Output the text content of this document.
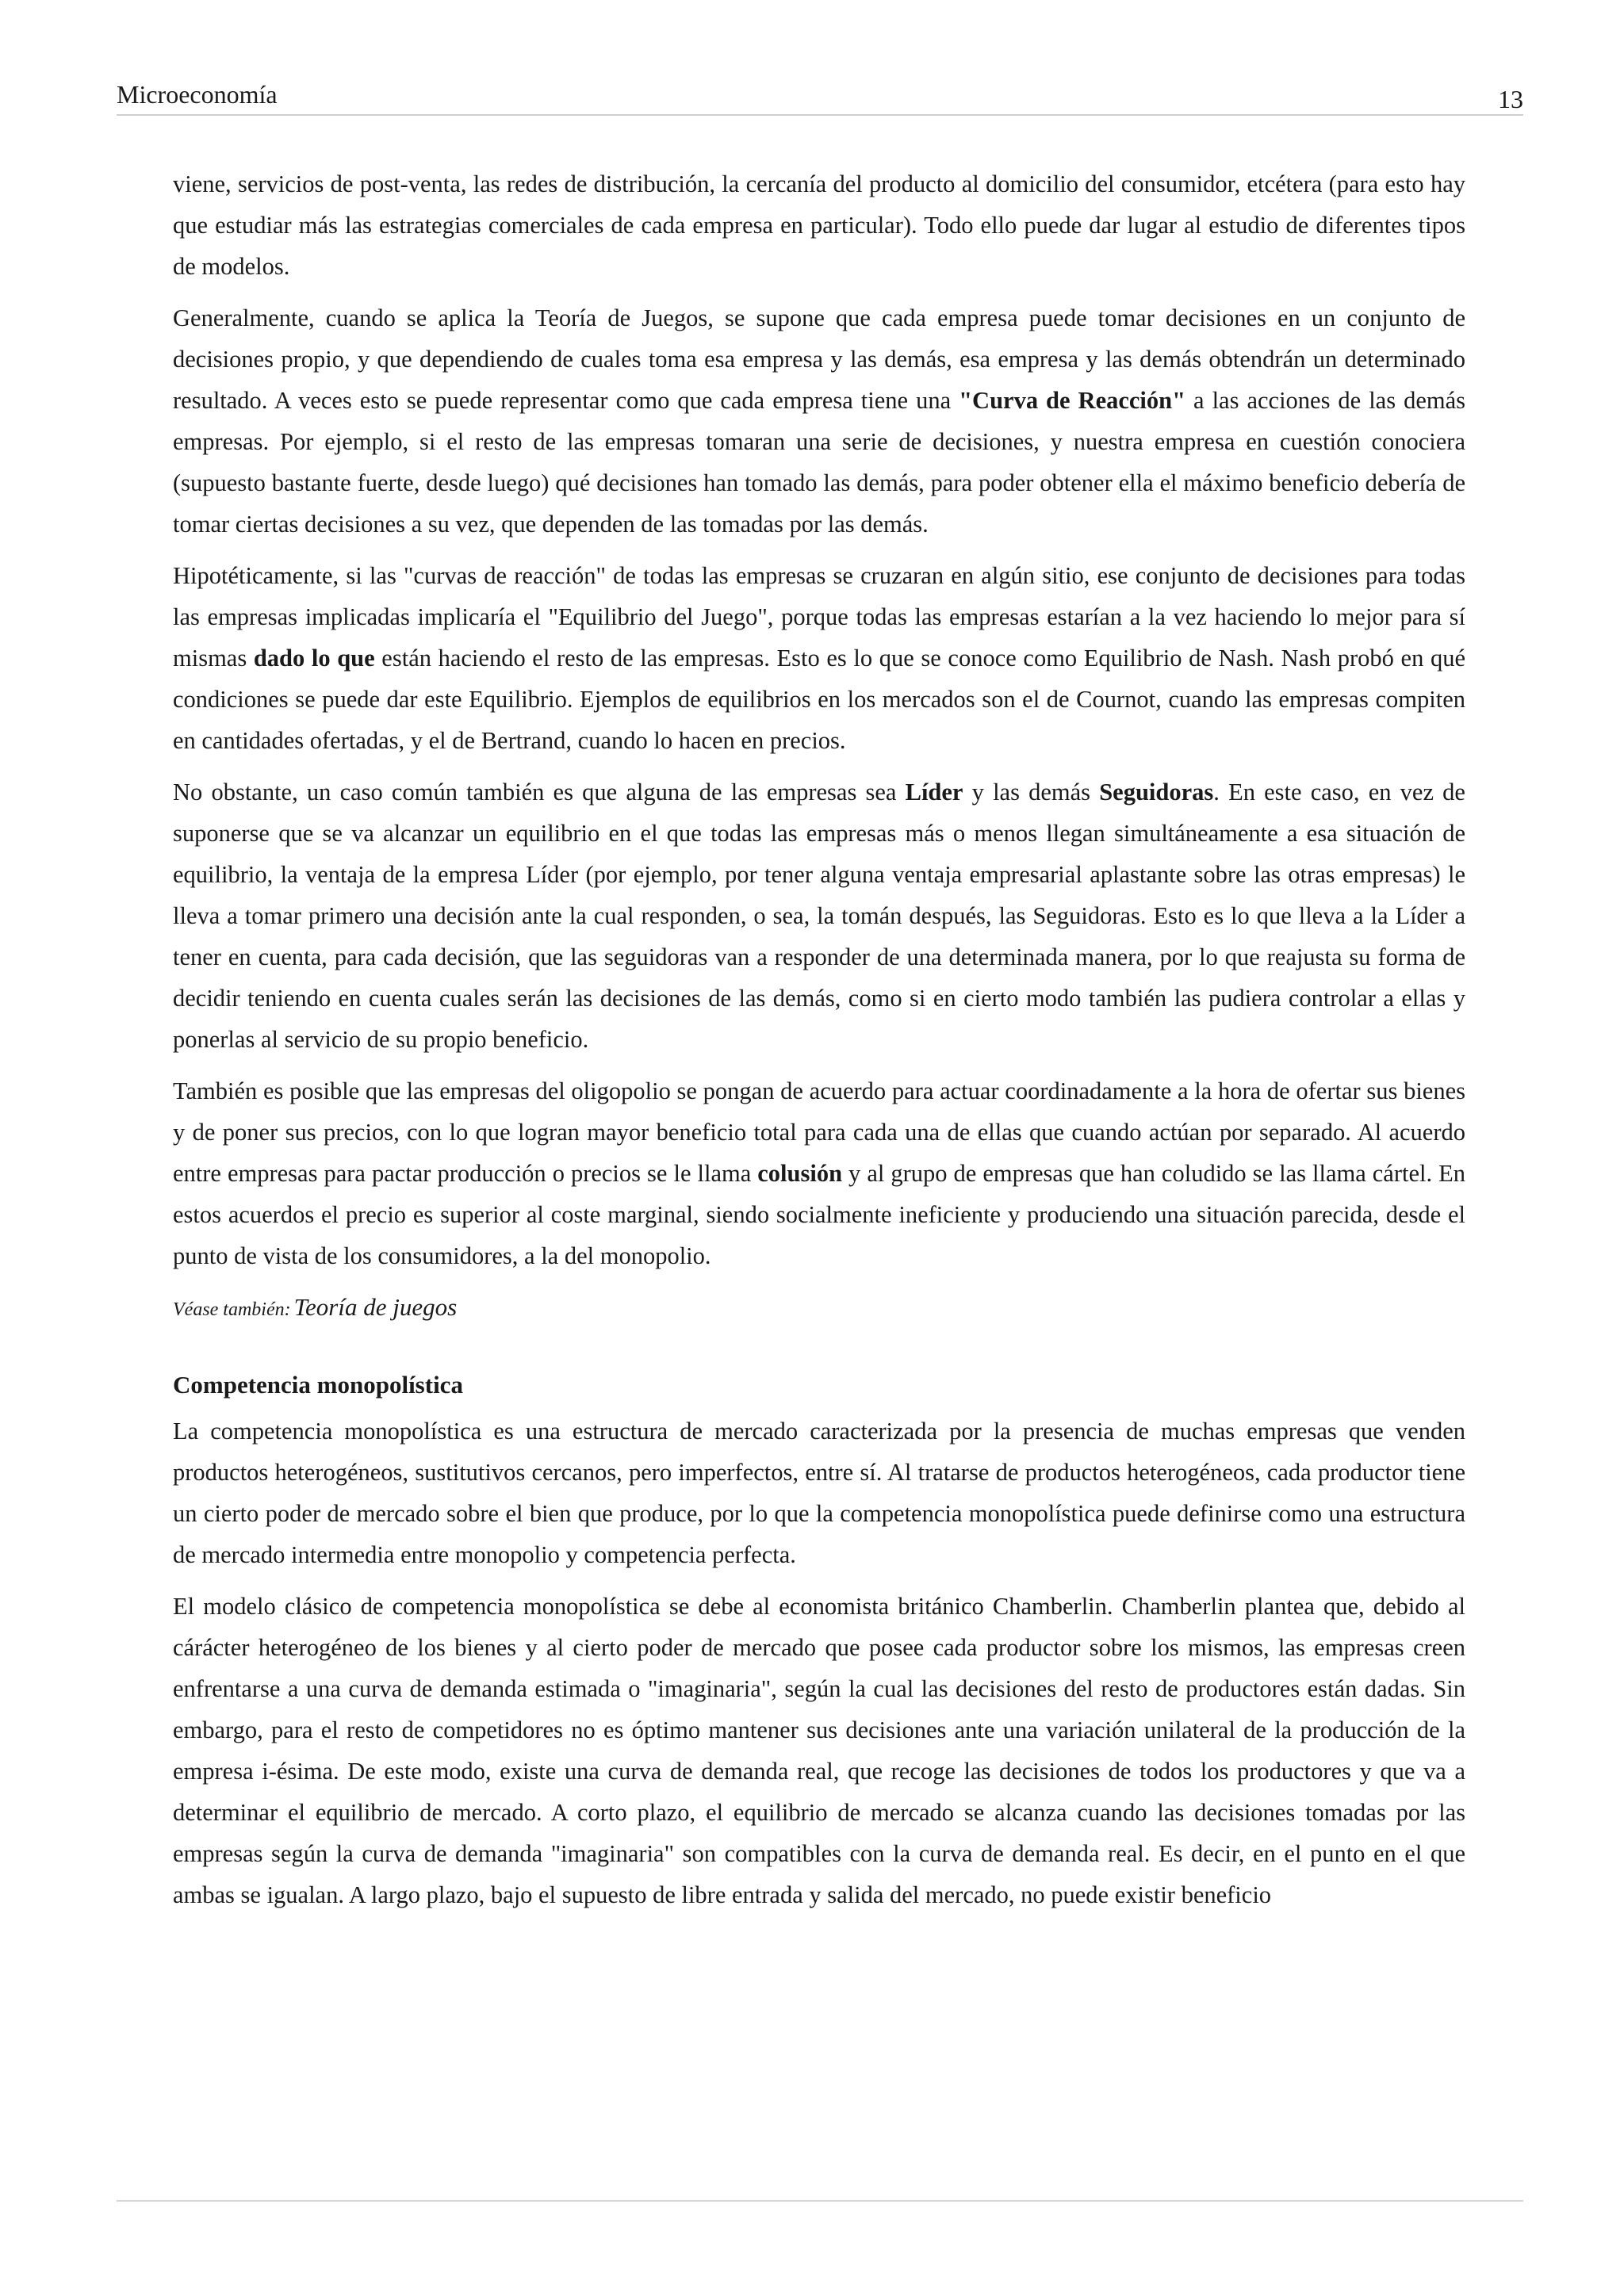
Microeconomía	13

viene, servicios de post-venta, las redes de distribución, la cercanía del producto al domicilio del consumidor, etcétera (para esto hay que estudiar más las estrategias comerciales de cada empresa en particular). Todo ello puede dar lugar al estudio de diferentes tipos de modelos.

Generalmente, cuando se aplica la Teoría de Juegos, se supone que cada empresa puede tomar decisiones en un conjunto de decisiones propio, y que dependiendo de cuales toma esa empresa y las demás, esa empresa y las demás obtendrán un determinado resultado. A veces esto se puede representar como que cada empresa tiene una "Curva de Reacción" a las acciones de las demás empresas. Por ejemplo, si el resto de las empresas tomaran una serie de decisiones, y nuestra empresa en cuestión conociera (supuesto bastante fuerte, desde luego) qué decisiones han tomado las demás, para poder obtener ella el máximo beneficio debería de tomar ciertas decisiones a su vez, que dependen de las tomadas por las demás.

Hipotéticamente, si las "curvas de reacción" de todas las empresas se cruzaran en algún sitio, ese conjunto de decisiones para todas las empresas implicadas implicaría el "Equilibrio del Juego", porque todas las empresas estarían a la vez haciendo lo mejor para sí mismas dado lo que están haciendo el resto de las empresas. Esto es lo que se conoce como Equilibrio de Nash. Nash probó en qué condiciones se puede dar este Equilibrio. Ejemplos de equilibrios en los mercados son el de Cournot, cuando las empresas compiten en cantidades ofertadas, y el de Bertrand, cuando lo hacen en precios.

No obstante, un caso común también es que alguna de las empresas sea Líder y las demás Seguidoras. En este caso, en vez de suponerse que se va alcanzar un equilibrio en el que todas las empresas más o menos llegan simultáneamente a esa situación de equilibrio, la ventaja de la empresa Líder (por ejemplo, por tener alguna ventaja empresarial aplastante sobre las otras empresas) le lleva a tomar primero una decisión ante la cual responden, o sea, la tomán después, las Seguidoras. Esto es lo que lleva a la Líder a tener en cuenta, para cada decisión, que las seguidoras van a responder de una determinada manera, por lo que reajusta su forma de decidir teniendo en cuenta cuales serán las decisiones de las demás, como si en cierto modo también las pudiera controlar a ellas y ponerlas al servicio de su propio beneficio.

También es posible que las empresas del oligopolio se pongan de acuerdo para actuar coordinadamente a la hora de ofertar sus bienes y de poner sus precios, con lo que logran mayor beneficio total para cada una de ellas que cuando actúan por separado. Al acuerdo entre empresas para pactar producción o precios se le llama colusión y al grupo de empresas que han coludido se las llama cártel. En estos acuerdos el precio es superior al coste marginal, siendo socialmente ineficiente y produciendo una situación parecida, desde el punto de vista de los consumidores, a la del monopolio.

Véase también: Teoría de juegos
Competencia monopolística

La competencia monopolística es una estructura de mercado caracterizada por la presencia de muchas empresas que venden productos heterogéneos, sustitutivos cercanos, pero imperfectos, entre sí. Al tratarse de productos heterogéneos, cada productor tiene un cierto poder de mercado sobre el bien que produce, por lo que la competencia monopolística puede definirse como una estructura de mercado intermedia entre monopolio y competencia perfecta.

El modelo clásico de competencia monopolística se debe al economista británico Chamberlin. Chamberlin plantea que, debido al cárácter heterogéneo de los bienes y al cierto poder de mercado que posee cada productor sobre los mismos, las empresas creen enfrentarse a una curva de demanda estimada o "imaginaria", según la cual las decisiones del resto de productores están dadas. Sin embargo, para el resto de competidores no es óptimo mantener sus decisiones ante una variación unilateral de la producción de la empresa i-ésima. De este modo, existe una curva de demanda real, que recoge las decisiones de todos los productores y que va a determinar el equilibrio de mercado. A corto plazo, el equilibrio de mercado se alcanza cuando las decisiones tomadas por las empresas según la curva de demanda "imaginaria" son compatibles con la curva de demanda real. Es decir, en el punto en el que ambas se igualan. A largo plazo, bajo el supuesto de libre entrada y salida del mercado, no puede existir beneficio
